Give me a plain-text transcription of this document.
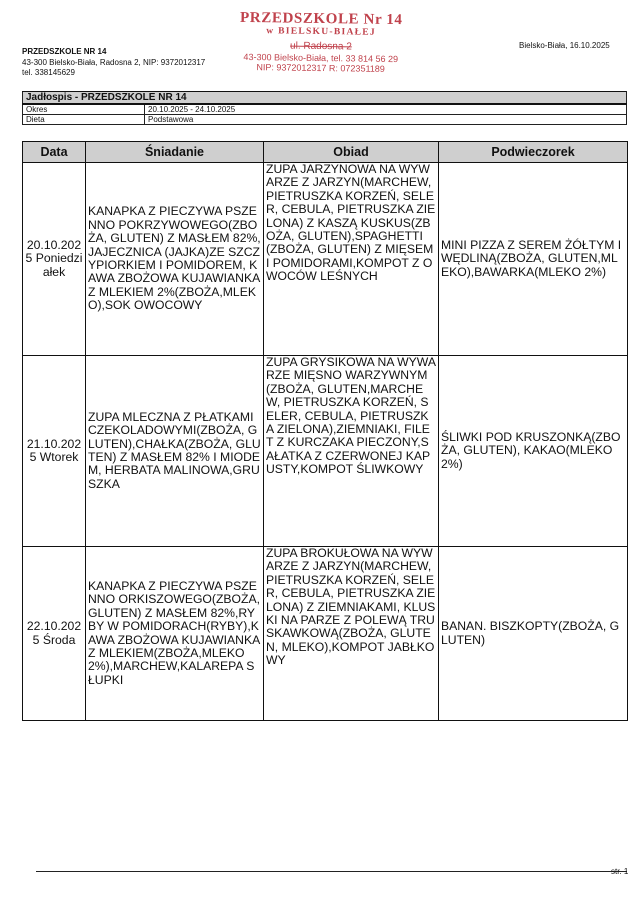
PRZEDSZKOLE Nr 14
w BIELSKU-BIAŁEJ
ul. Radosna 2
43-300 Bielsko-Biała, tel. 33 814 56 29
NIP: 9372012317 R: 072351189
PRZEDSZKOLE NR 14
43-300 Bielsko-Biała, Radosna 2, NIP: 9372012317
tel. 338145629
Bielsko-Biała, 16.10.2025
Jadłospis - PRZEDSZKOLE NR 14	
Okres	20.10.2025 - 24.10.2025
Dieta	Podstawowa
Data	Śniadanie	Obiad	Podwieczorek
20.10.2025 Poniedziałek	KANAPKA Z PIECZYWA PSZENNO POKRZYWOWEGO(ZBOŻA, GLUTEN) Z MASŁEM 82%,JAJECZNICA (JAJKA)ZE SZCZYPIORKIEM I POMIDOREM, KAWA ZBOŻOWA KUJAWIANKA Z MLEKIEM 2%(ZBOŻA,MLEKO),SOK OWOCOWY	ZUPA JARZYNOWA NA WYWARZE Z JARZYN(MARCHEW, PIETRUSZKA KORZEŃ, SELER, CEBULA, PIETRUSZKA ZIELONA) Z KASZĄ KUSKUS(ZBOŻA, GLUTEN),SPAGHETTI (ZBOŻA, GLUTEN) Z MIĘSEM I POMIDORAMI,KOMPOT Z OWOCÓW LEŚNYCH	MINI PIZZA Z SEREM ŻÓŁTYM I WĘDLINĄ(ZBOŻA, GLUTEN,MLEKO),BAWARKA(MLEKO 2%)
21.10.2025 Wtorek	ZUPA MLECZNA Z PŁATKAMI CZEKOLADOWYMI(ZBOŻA, GLUTEN),CHAŁKA(ZBOŻA, GLUTEN) Z MASŁEM 82% I MIODEM, HERBATA MALINOWA,GRUSZKA	ZUPA GRYSIKOWA NA WYWARZE MIĘSNO WARZYWNYM(ZBOŻA, GLUTEN,MARCHEW, PIETRUSZKA KORZEŃ, SELER, CEBULA, PIETRUSZKA ZIELONA),ZIEMNIAKI, FILET Z KURCZAKA PIECZONY,SAŁATKA Z CZERWONEJ KAPUSTY,KOMPOT ŚLIWKOWY	ŚLIWKI POD KRUSZONKĄ(ZBOŻA, GLUTEN), KAKAO(MLEKO 2%)
22.10.2025 Środa	KANAPKA Z PIECZYWA PSZENNO ORKISZOWEGO(ZBOŻA, GLUTEN) Z MASŁEM 82%,RYBY W POMIDORACH(RYBY),KAWA ZBOŻOWA KUJAWIANKA Z MLEKIEM(ZBOŻA,MLEKO 2%),MARCHEW,KALAREPA SŁUPKI	ZUPA BROKUŁOWA NA WYWARZE Z JARZYN(MARCHEW, PIETRUSZKA KORZEŃ, SELER, CEBULA, PIETRUSZKA ZIELONA) Z ZIEMNIAKAMI, KLUSKI NA PARZE Z POLEWĄ TRUSKAWKOWĄ(ZBOŻA, GLUTEN, MLEKO),KOMPOT JABŁKOWY	BANAN. BISZKOPTY(ZBOŻA, GLUTEN)
str. 1
